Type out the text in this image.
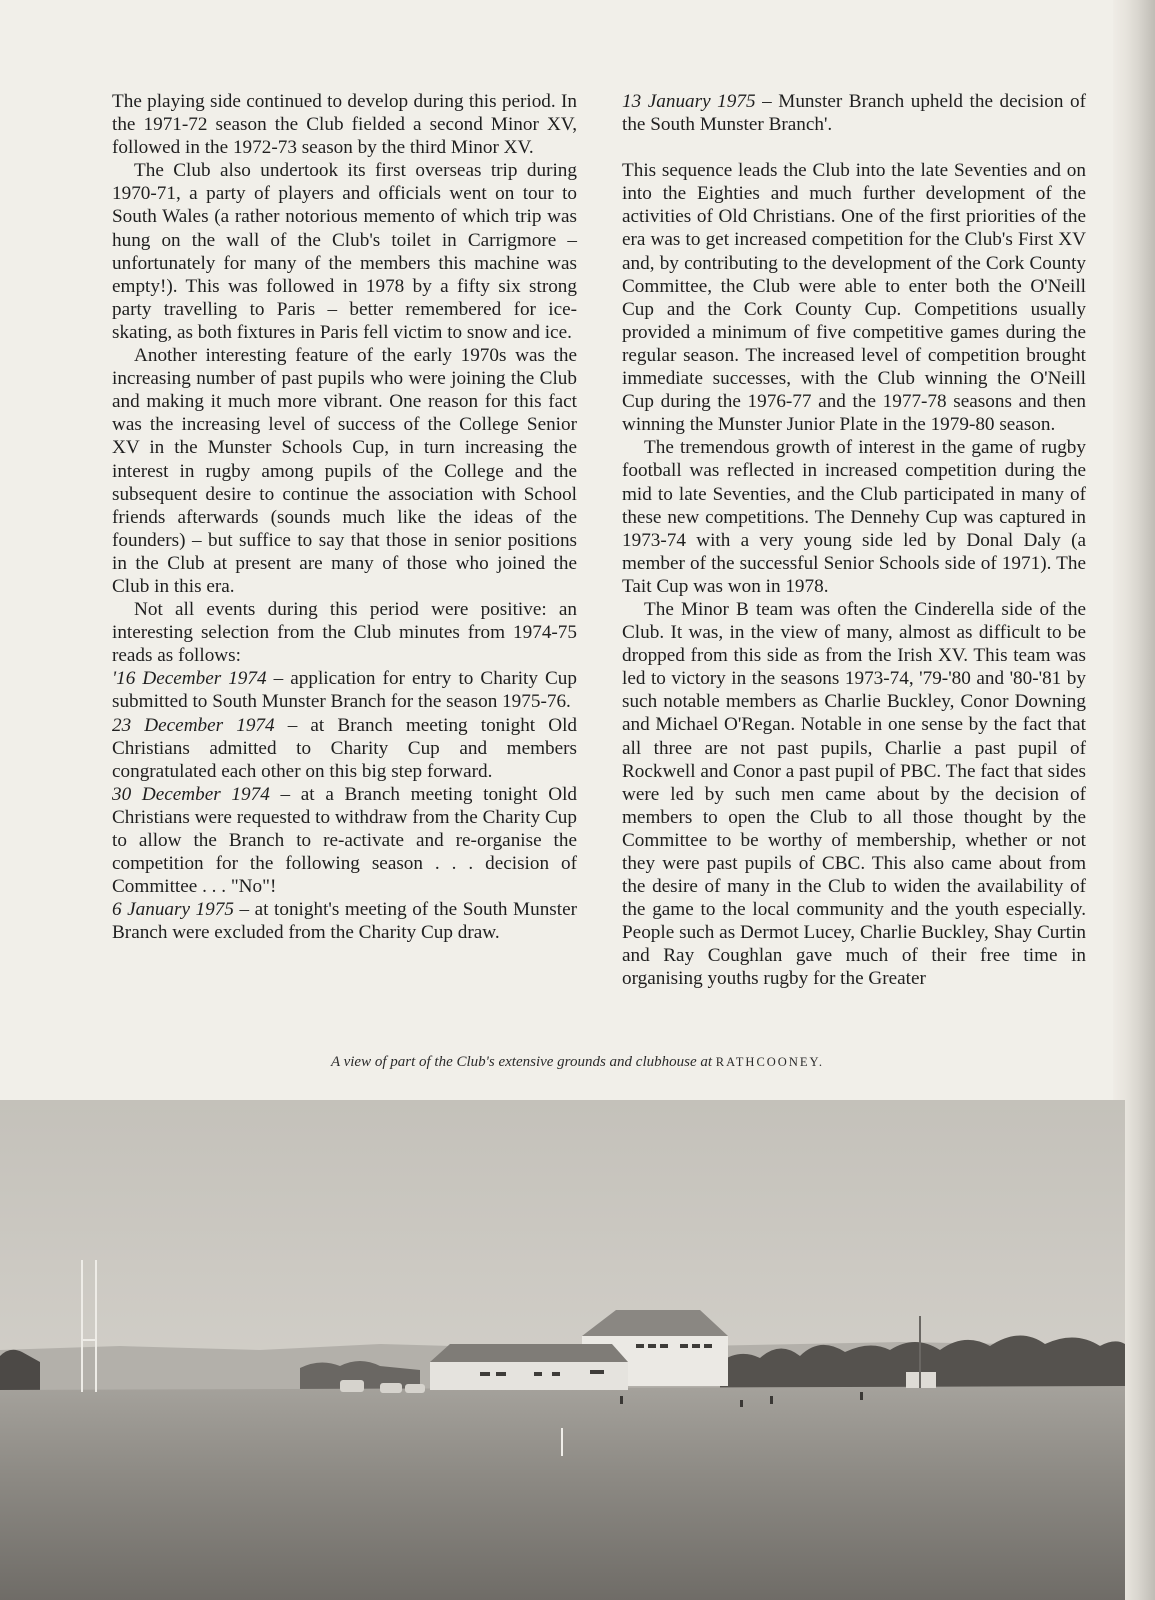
The playing side continued to develop during this period. In the 1971-72 season the Club fielded a second Minor XV, followed in the 1972-73 season by the third Minor XV.

The Club also undertook its first overseas trip during 1970-71, a party of players and officials went on tour to South Wales (a rather notorious memento of which trip was hung on the wall of the Club's toilet in Carrigmore – unfortunately for many of the members this machine was empty!). This was followed in 1978 by a fifty six strong party travelling to Paris – better remembered for ice-skating, as both fixtures in Paris fell victim to snow and ice.

Another interesting feature of the early 1970s was the increasing number of past pupils who were joining the Club and making it much more vibrant. One reason for this fact was the increasing level of success of the College Senior XV in the Munster Schools Cup, in turn increasing the interest in rugby among pupils of the College and the subsequent desire to continue the association with School friends afterwards (sounds much like the ideas of the founders) – but suffice to say that those in senior positions in the Club at present are many of those who joined the Club in this era.

Not all events during this period were positive: an interesting selection from the Club minutes from 1974-75 reads as follows:

'16 December 1974 – application for entry to Charity Cup submitted to South Munster Branch for the season 1975-76.

23 December 1974 – at Branch meeting tonight Old Christians admitted to Charity Cup and members congratulated each other on this big step forward.

30 December 1974 – at a Branch meeting tonight Old Christians were requested to withdraw from the Charity Cup to allow the Branch to re-activate and re-organise the competition for the following season . . . decision of Committee . . . "No"!

6 January 1975 – at tonight's meeting of the South Munster Branch were excluded from the Charity Cup draw.

13 January 1975 – Munster Branch upheld the decision of the South Munster Branch'.

This sequence leads the Club into the late Seventies and on into the Eighties and much further development of the activities of Old Christians. One of the first priorities of the era was to get increased competition for the Club's First XV and, by contributing to the development of the Cork County Committee, the Club were able to enter both the O'Neill Cup and the Cork County Cup. Competitions usually provided a minimum of five competitive games during the regular season. The increased level of competition brought immediate successes, with the Club winning the O'Neill Cup during the 1976-77 and the 1977-78 seasons and then winning the Munster Junior Plate in the 1979-80 season.

The tremendous growth of interest in the game of rugby football was reflected in increased competition during the mid to late Seventies, and the Club participated in many of these new competitions. The Dennehy Cup was captured in 1973-74 with a very young side led by Donal Daly (a member of the successful Senior Schools side of 1971). The Tait Cup was won in 1978.

The Minor B team was often the Cinderella side of the Club. It was, in the view of many, almost as difficult to be dropped from this side as from the Irish XV. This team was led to victory in the seasons 1973-74, '79-'80 and '80-'81 by such notable members as Charlie Buckley, Conor Downing and Michael O'Regan. Notable in one sense by the fact that all three are not past pupils, Charlie a past pupil of Rockwell and Conor a past pupil of PBC. The fact that sides were led by such men came about by the decision of members to open the Club to all those thought by the Committee to be worthy of membership, whether or not they were past pupils of CBC. This also came about from the desire of many in the Club to widen the availability of the game to the local community and the youth especially. People such as Dermot Lucey, Charlie Buckley, Shay Curtin and Ray Coughlan gave much of their free time in organising youths rugby for the Greater

A view of part of the Club's extensive grounds and clubhouse at RATHCOONEY.
